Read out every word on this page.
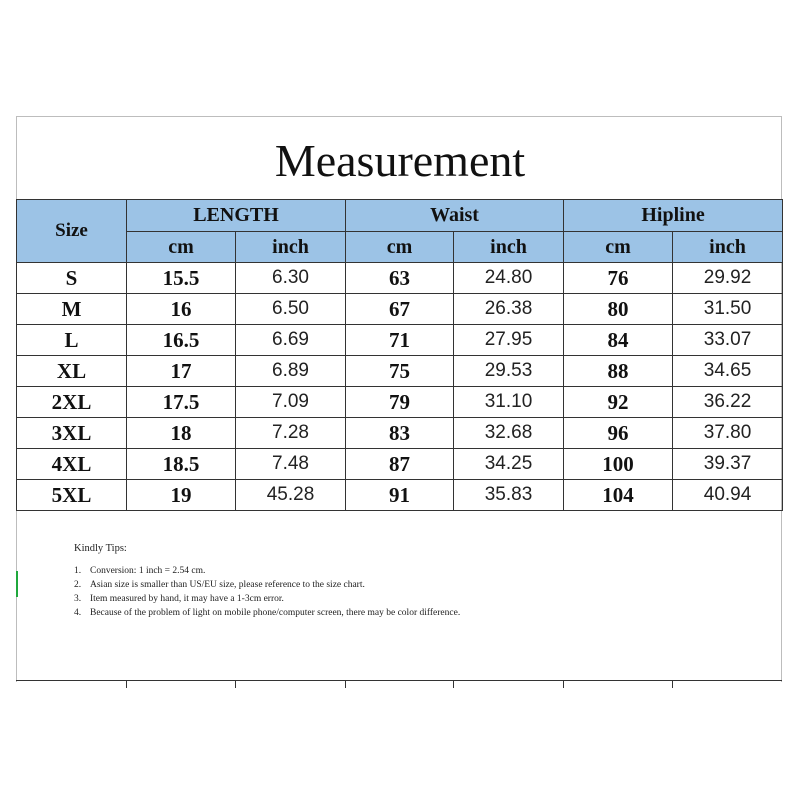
Measurement
Size	LENGTH		Waist		Hipline	
	cm	inch	cm	inch	cm	inch
S	15.5	6.30	63	24.80	76	29.92
M	16	6.50	67	26.38	80	31.50
L	16.5	6.69	71	27.95	84	33.07
XL	17	6.89	75	29.53	88	34.65
2XL	17.5	7.09	79	31.10	92	36.22
3XL	18	7.28	83	32.68	96	37.80
4XL	18.5	7.48	87	34.25	100	39.37
5XL	19	45.28	91	35.83	104	40.94
Kindly Tips:
1. Conversion: 1 inch = 2.54 cm.
2. Asian size is smaller than US/EU size, please reference to the size chart.
3. Item measured by hand, it may have a 1-3cm error.
4. Because of the problem of light on mobile phone/computer screen, there may be color difference.
